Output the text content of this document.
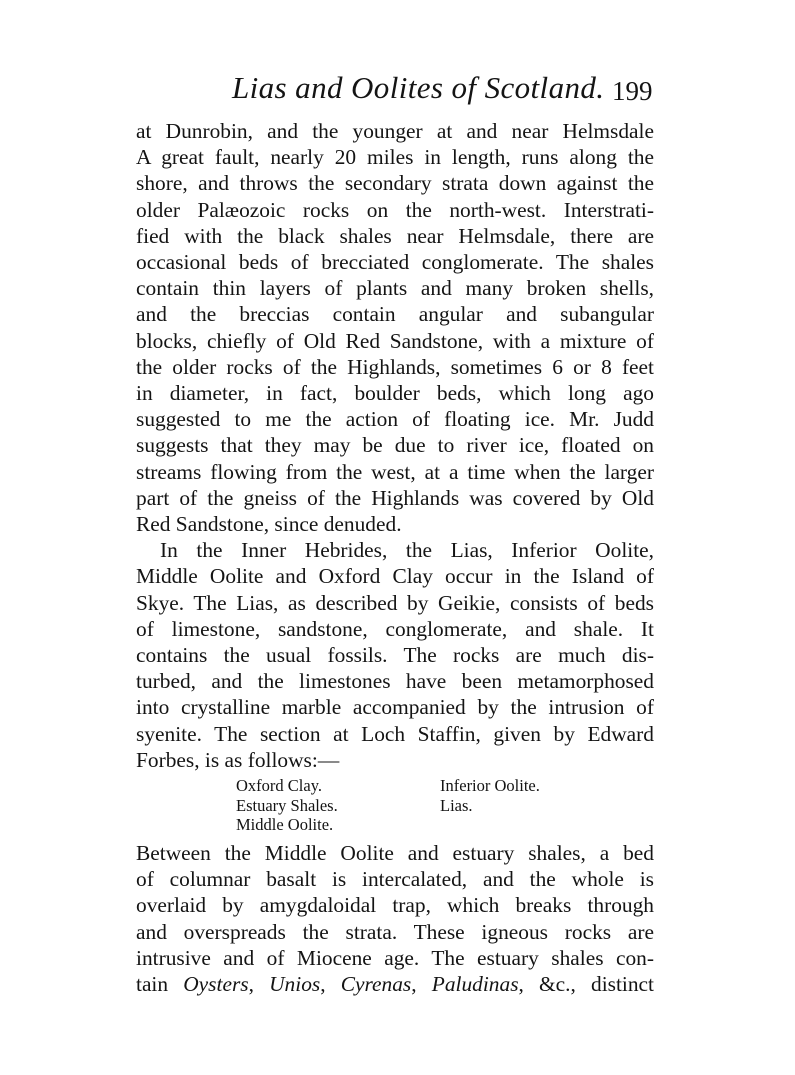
Lias and Oolites of Scotland. 199
at Dunrobin, and the younger at and near Helmsdale
A great fault, nearly 20 miles in length, runs along the
shore, and throws the secondary strata down against the
older Palæozoic rocks on the north-west. Interstrati-
fied with the black shales near Helmsdale, there are
occasional beds of brecciated conglomerate. The shales
contain thin layers of plants and many broken shells,
and the breccias contain angular and subangular
blocks, chiefly of Old Red Sandstone, with a mixture of
the older rocks of the Highlands, sometimes 6 or 8 feet
in diameter, in fact, boulder beds, which long ago
suggested to me the action of floating ice. Mr. Judd
suggests that they may be due to river ice, floated on
streams flowing from the west, at a time when the larger
part of the gneiss of the Highlands was covered by Old
Red Sandstone, since denuded.
In the Inner Hebrides, the Lias, Inferior Oolite,
Middle Oolite and Oxford Clay occur in the Island of
Skye. The Lias, as described by Geikie, consists of beds
of limestone, sandstone, conglomerate, and shale. It
contains the usual fossils. The rocks are much dis-
turbed, and the limestones have been metamorphosed
into crystalline marble accompanied by the intrusion of
syenite. The section at Loch Staffin, given by Edward
Forbes, is as follows:—
Oxford Clay.
Estuary Shales.
Middle Oolite.
Inferior Oolite.
Lias.
Between the Middle Oolite and estuary shales, a bed
of columnar basalt is intercalated, and the whole is
overlaid by amygdaloidal trap, which breaks through
and overspreads the strata. These igneous rocks are
intrusive and of Miocene age. The estuary shales con-
tain Oysters, Unios, Cyrenas, Paludinas, &c., distinct
